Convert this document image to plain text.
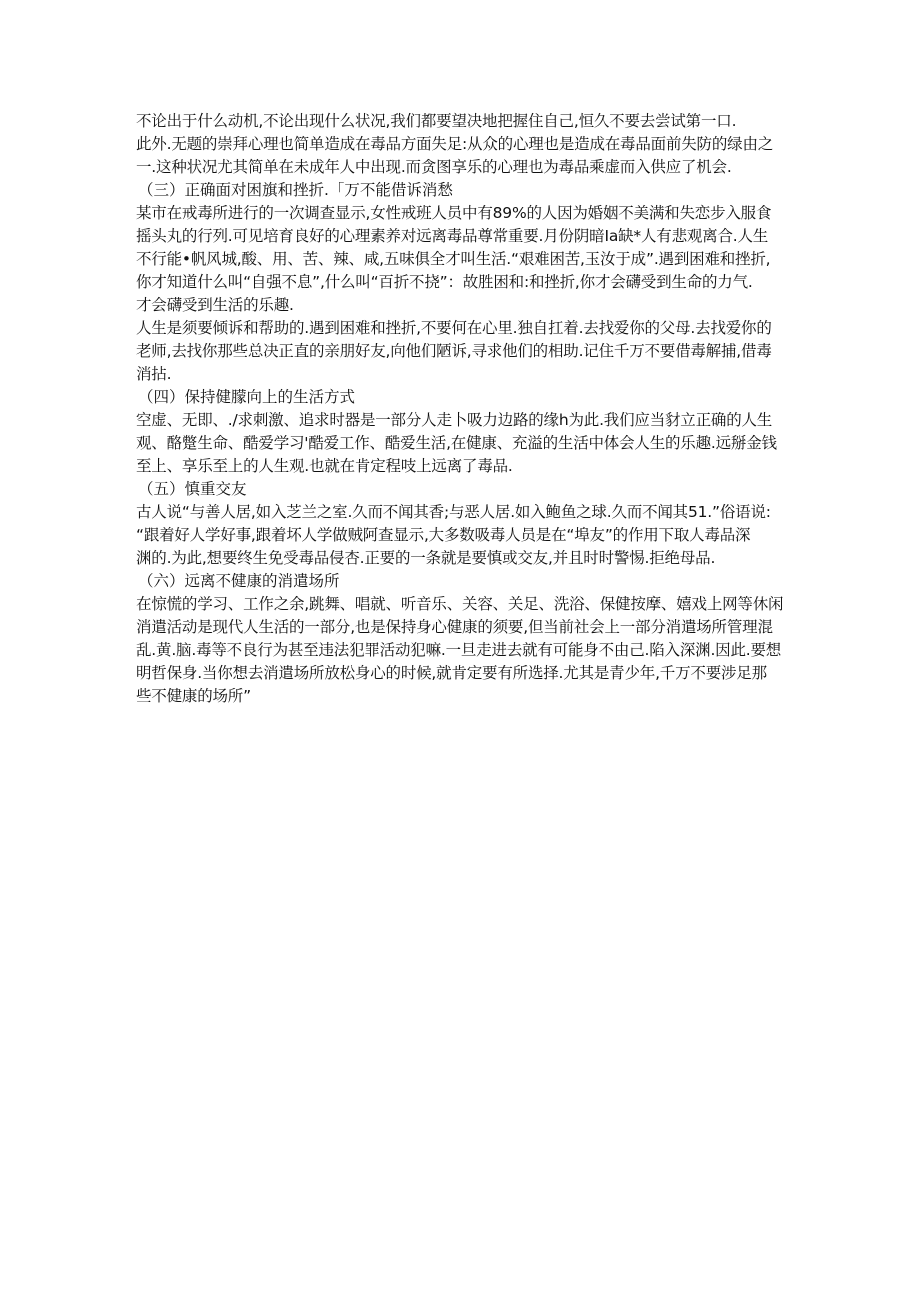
不论出于什么动机,不论出现什么状况,我们都要望决地把握住自己,恒久不要去尝试第一口.
此外.无题的崇拜心理也简单造成在毒品方面失足:从众的心理也是造成在毒品面前失防的绿由之
一.这种状况尤其简单在未成年人中出现.而贪图享乐的心理也为毒品乘虚而入供应了机会.
（三）正确面对困旗和挫折.「万不能借诉消愁
某市在戒毒所进行的一次调查显示,女性戒班人员中有89%的人因为婚姻不美满和失恋步入服食
摇头丸的行列.可见培育良好的心理素养对远离毒品尊常重要.月份阴暗Ia缺*人有悲观离合.人生
不行能•帆风城,酸、用、苦、辣、咸,五味俱全才叫生活.“艰难困苦,玉汝于成”.遇到困难和挫折,
你才知道什么叫“自强不息”,什么叫“百折不挠”：故胜困和:和挫折,你才会礴受到生命的力气.
才会礴受到生活的乐趣.
人生是须要倾诉和帮助的.遇到困难和挫折,不要何在心里.独自扛着.去找爱你的父母.去找爱你的
老师,去找你那些总决正直的亲朋好友,向他们陋诉,寻求他们的相助.记住千万不要借毒解捕,借毒
消拈.
（四）保持健朦向上的生活方式
空虚、无即、./求刺激、追求时器是一部分人走卜吸力边路的缘h为此.我们应当豺立正确的人生
观、酪蹩生命、酷爱学习'酷爱工作、酷爱生活,在健康、充溢的生活中体会人生的乐趣.远掰金钱
至上、享乐至上的人生观.也就在肯定程吱上远离了毒品.
（五）慎重交友
古人说“与善人居,如入芝兰之室.久而不闻其香;与恶人居.如入鲍鱼之球.久而不闻其51.”俗语说:
“跟着好人学好事,跟着坏人学做贼阿查显示,大多数吸毒人员是在“埠友”的作用下取人毒品深
渊的.为此,想要终生免受毒品侵杏.正要的一条就是要慎或交友,并且时时警惕.拒绝母品.
（六）远离不健康的消遣场所
在惊慌的学习、工作之余,跳舞、唱就、听音乐、关容、关足、洗浴、保健按摩、嬉戏上网等休闲
消遣活动是现代人生活的一部分,也是保持身心健康的须要,但当前社会上一部分消遣场所管理混
乱.黄.脑.毒等不良行为甚至违法犯罪活动犯嘛.一旦走进去就有可能身不由己.陷入深渊.因此.要想
明哲保身.当你想去消遣场所放松身心的时候,就肯定要有所选择.尤其是青少年,千万不要涉足那
些不健康的场所”
